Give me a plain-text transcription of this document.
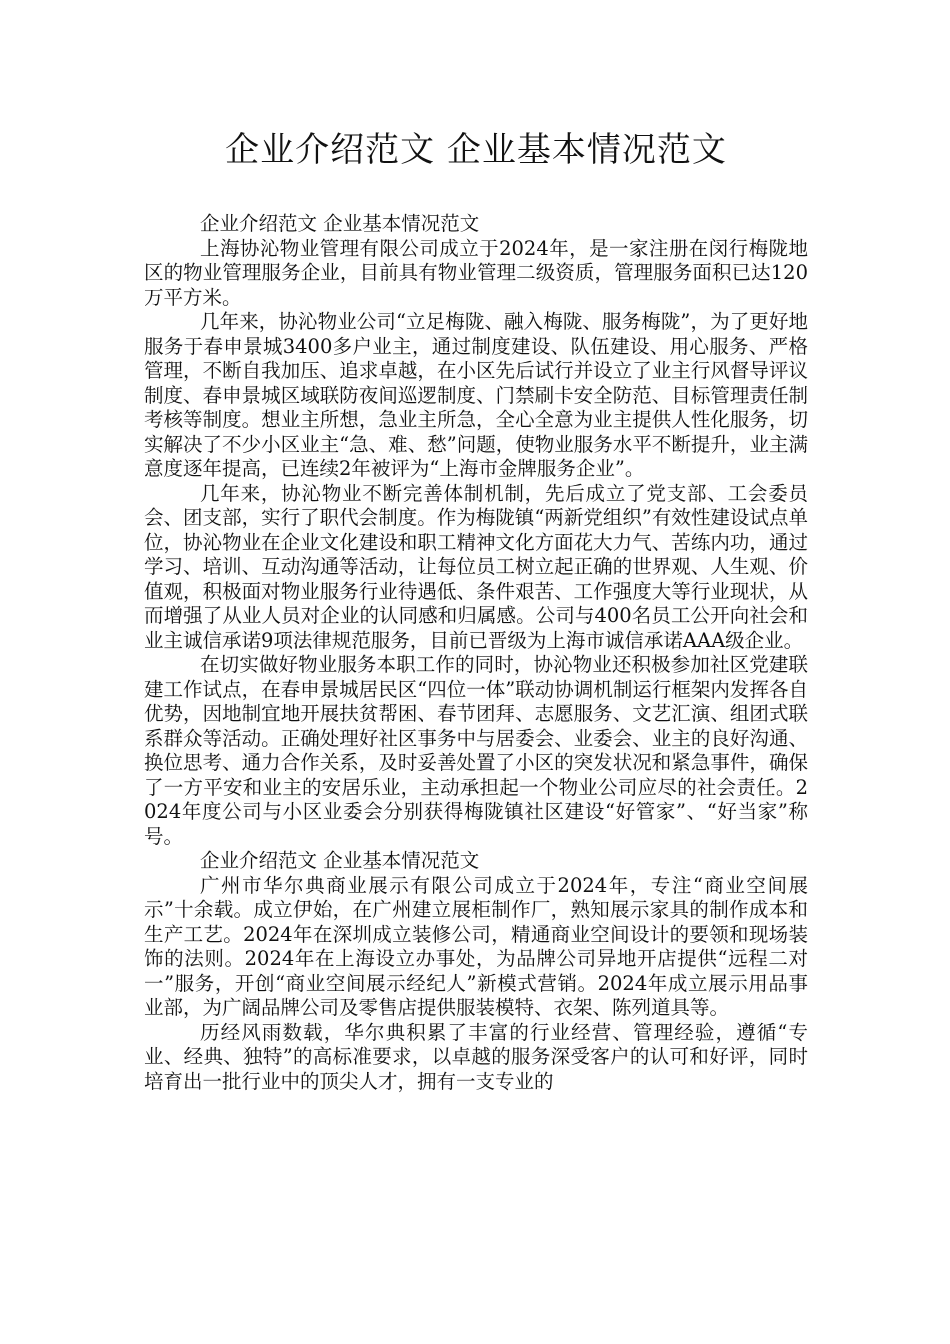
企业介绍范文 企业基本情况范文

企业介绍范文 企业基本情况范文

上海协沁物业管理有限公司成立于2024年，是一家注册在闵行梅陇地区的物业管理服务企业，目前具有物业管理二级资质，管理服务面积已达120万平方米。

几年来，协沁物业公司“立足梅陇、融入梅陇、服务梅陇”，为了更好地服务于春申景城3400多户业主，通过制度建设、队伍建设、用心服务、严格管理，不断自我加压、追求卓越，在小区先后试行并设立了业主行风督导评议制度、春申景城区域联防夜间巡逻制度、门禁刷卡安全防范、目标管理责任制考核等制度。想业主所想，急业主所急，全心全意为业主提供人性化服务，切实解决了不少小区业主“急、难、愁”问题，使物业服务水平不断提升，业主满意度逐年提高，已连续2年被评为“上海市金牌服务企业”。

几年来，协沁物业不断完善体制机制，先后成立了党支部、工会委员会、团支部，实行了职代会制度。作为梅陇镇“两新党组织”有效性建设试点单位，协沁物业在企业文化建设和职工精神文化方面花大力气、苦练内功，通过学习、培训、互动沟通等活动，让每位员工树立起正确的世界观、人生观、价值观，积极面对物业服务行业待遇低、条件艰苦、工作强度大等行业现状，从而增强了从业人员对企业的认同感和归属感。公司与400名员工公开向社会和业主诚信承诺9项法律规范服务，目前已晋级为上海市诚信承诺AAA级企业。

在切实做好物业服务本职工作的同时，协沁物业还积极参加社区党建联建工作试点，在春申景城居民区“四位一体”联动协调机制运行框架内发挥各自优势，因地制宜地开展扶贫帮困、春节团拜、志愿服务、文艺汇演、组团式联系群众等活动。正确处理好社区事务中与居委会、业委会、业主的良好沟通、换位思考、通力合作关系，及时妥善处置了小区的突发状况和紧急事件，确保了一方平安和业主的安居乐业，主动承担起一个物业公司应尽的社会责任。2024年度公司与小区业委会分别获得梅陇镇社区建设“好管家”、“好当家”称号。

企业介绍范文 企业基本情况范文

广州市华尔典商业展示有限公司成立于2024年，专注“商业空间展示”十余载。成立伊始，在广州建立展柜制作厂，熟知展示家具的制作成本和生产工艺。2024年在深圳成立装修公司，精通商业空间设计的要领和现场装饰的法则。2024年在上海设立办事处，为品牌公司异地开店提供“远程二对一”服务，开创“商业空间展示经纪人”新模式营销。2024年成立展示用品事业部，为广阔品牌公司及零售店提供服装模特、衣架、陈列道具等。

历经风雨数载，华尔典积累了丰富的行业经营、管理经验，遵循“专业、经典、独特”的高标准要求，以卓越的服务深受客户的认可和好评，同时培育出一批行业中的顶尖人才，拥有一支专业的
